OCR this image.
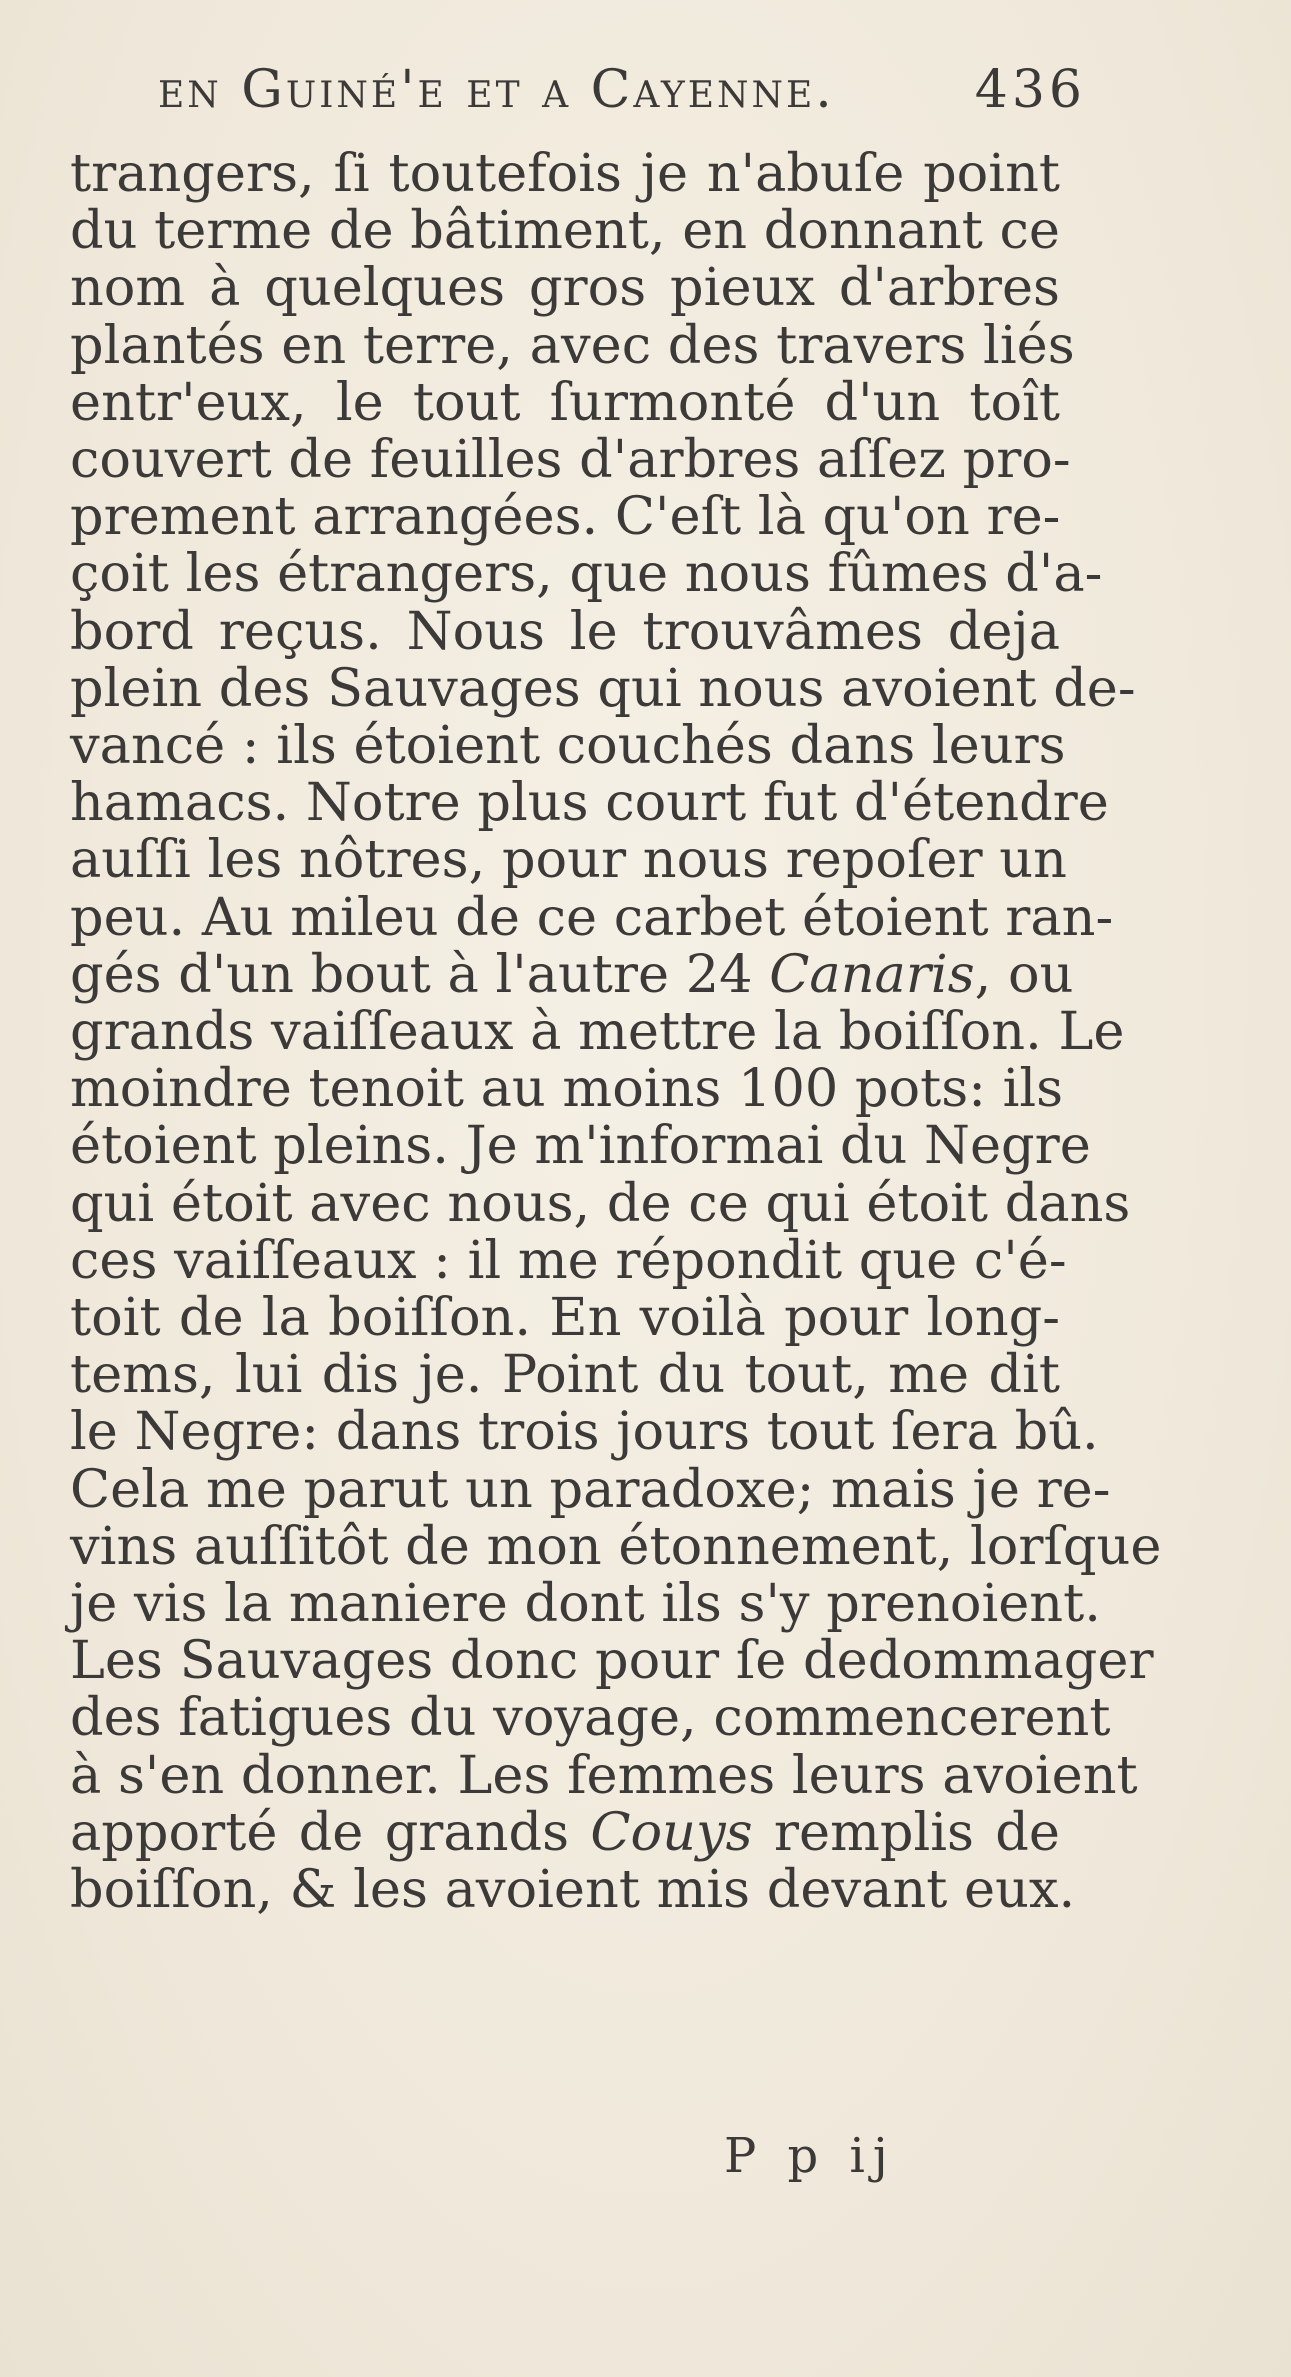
en Guiné'e et a Cayenne.	436
trangers, ſi toutefois je n'abuſe point
du terme de bâtiment, en donnant ce
nom à quelques gros pieux d'arbres
plantés en terre, avec des travers liés
entr'eux, le tout ſurmonté d'un toît
couvert de feuilles d'arbres aſſez pro-
prement arrangées. C'eſt là qu'on re-
çoit les étrangers, que nous fûmes d'a-
bord reçus. Nous le trouvâmes deja
plein des Sauvages qui nous avoient de-
vancé : ils étoient couchés dans leurs
hamacs. Notre plus court fut d'étendre
auſſi les nôtres, pour nous repoſer un
peu. Au mileu de ce carbet étoient ran-
gés d'un bout à l'autre 24 Canaris, ou
grands vaiſſeaux à mettre la boiſſon. Le
moindre tenoit au moins 100 pots: ils
étoient pleins. Je m'informai du Negre
qui étoit avec nous, de ce qui étoit dans
ces vaiſſeaux : il me répondit que c'é-
toit de la boiſſon. En voilà pour long-
tems, lui dis je. Point du tout, me dit
le Negre: dans trois jours tout ſera bû.
Cela me parut un paradoxe; mais je re-
vins auſſitôt de mon étonnement, lorſque
je vis la maniere dont ils s'y prenoient.
Les Sauvages donc pour ſe dedommager
des fatigues du voyage, commencerent
à s'en donner. Les femmes leurs avoient
apporté de grands Couys remplis de
boiſſon, & les avoient mis devant eux.
P p ij
